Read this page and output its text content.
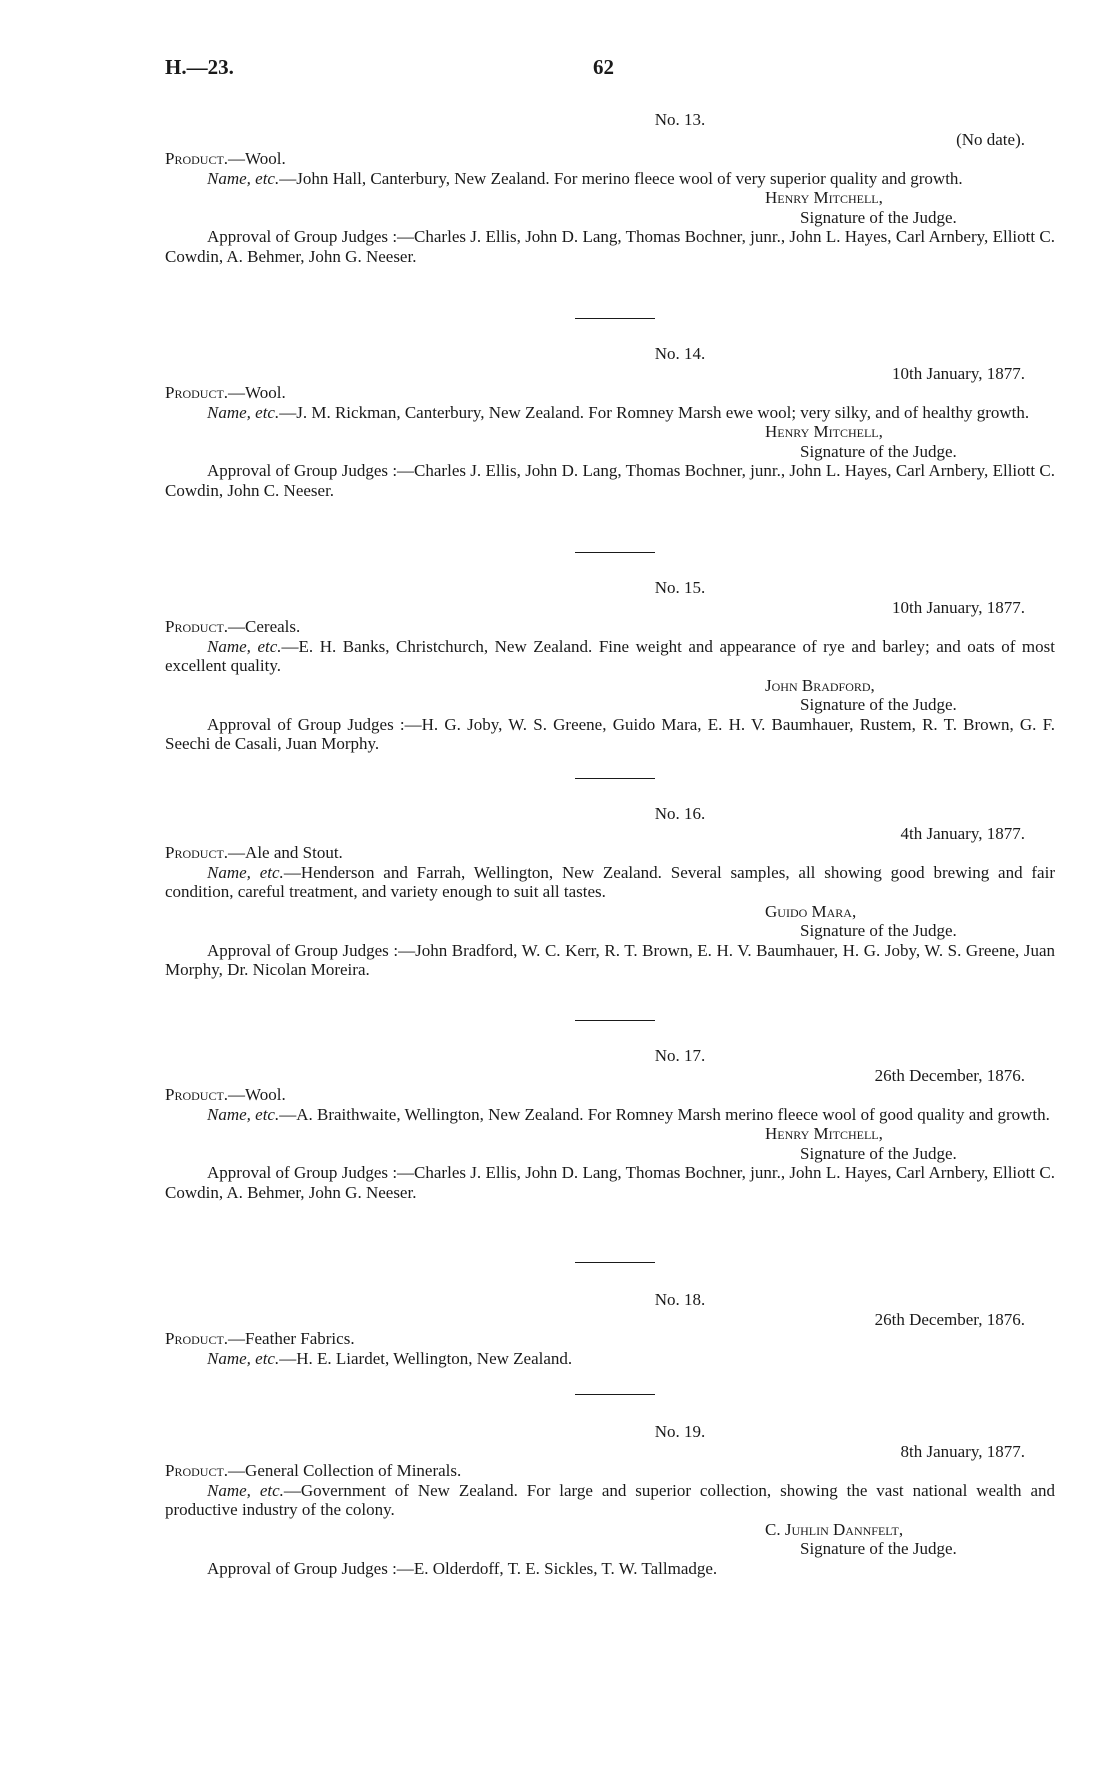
H.—23.	62
No. 13.
(No date).
Product.—Wool.
Name, etc.—John Hall, Canterbury, New Zealand. For merino fleece wool of very superior quality and growth.
Henry Mitchell,
Signature of the Judge.
Approval of Group Judges :—Charles J. Ellis, John D. Lang, Thomas Bochner, junr., John L. Hayes, Carl Arnbery, Elliott C. Cowdin, A. Behmer, John G. Neeser.
No. 14.
10th January, 1877.
Product.—Wool.
Name, etc.—J. M. Rickman, Canterbury, New Zealand. For Romney Marsh ewe wool; very silky, and of healthy growth.
Henry Mitchell,
Signature of the Judge.
Approval of Group Judges :—Charles J. Ellis, John D. Lang, Thomas Bochner, junr., John L. Hayes, Carl Arnbery, Elliott C. Cowdin, John C. Neeser.
No. 15.
10th January, 1877.
Product.—Cereals.
Name, etc.—E. H. Banks, Christchurch, New Zealand. Fine weight and appearance of rye and barley; and oats of most excellent quality.
John Bradford,
Signature of the Judge.
Approval of Group Judges :—H. G. Joby, W. S. Greene, Guido Mara, E. H. V. Baumhauer, Rustem, R. T. Brown, G. F. Seechi de Casali, Juan Morphy.
No. 16.
4th January, 1877.
Product.—Ale and Stout.
Name, etc.—Henderson and Farrah, Wellington, New Zealand. Several samples, all showing good brewing and fair condition, careful treatment, and variety enough to suit all tastes.
Guido Mara,
Signature of the Judge.
Approval of Group Judges :—John Bradford, W. C. Kerr, R. T. Brown, E. H. V. Baumhauer, H. G. Joby, W. S. Greene, Juan Morphy, Dr. Nicolan Moreira.
No. 17.
26th December, 1876.
Product.—Wool.
Name, etc.—A. Braithwaite, Wellington, New Zealand. For Romney Marsh merino fleece wool of good quality and growth.
Henry Mitchell,
Signature of the Judge.
Approval of Group Judges :—Charles J. Ellis, John D. Lang, Thomas Bochner, junr., John L. Hayes, Carl Arnbery, Elliott C. Cowdin, A. Behmer, John G. Neeser.
No. 18.
26th December, 1876.
Product.—Feather Fabrics.
Name, etc.—H. E. Liardet, Wellington, New Zealand.
No. 19.
8th January, 1877.
Product.—General Collection of Minerals.
Name, etc.—Government of New Zealand. For large and superior collection, showing the vast national wealth and productive industry of the colony.
C. Juhlin Dannfelt,
Signature of the Judge.
Approval of Group Judges :—E. Olderdoff, T. E. Sickles, T. W. Tallmadge.
